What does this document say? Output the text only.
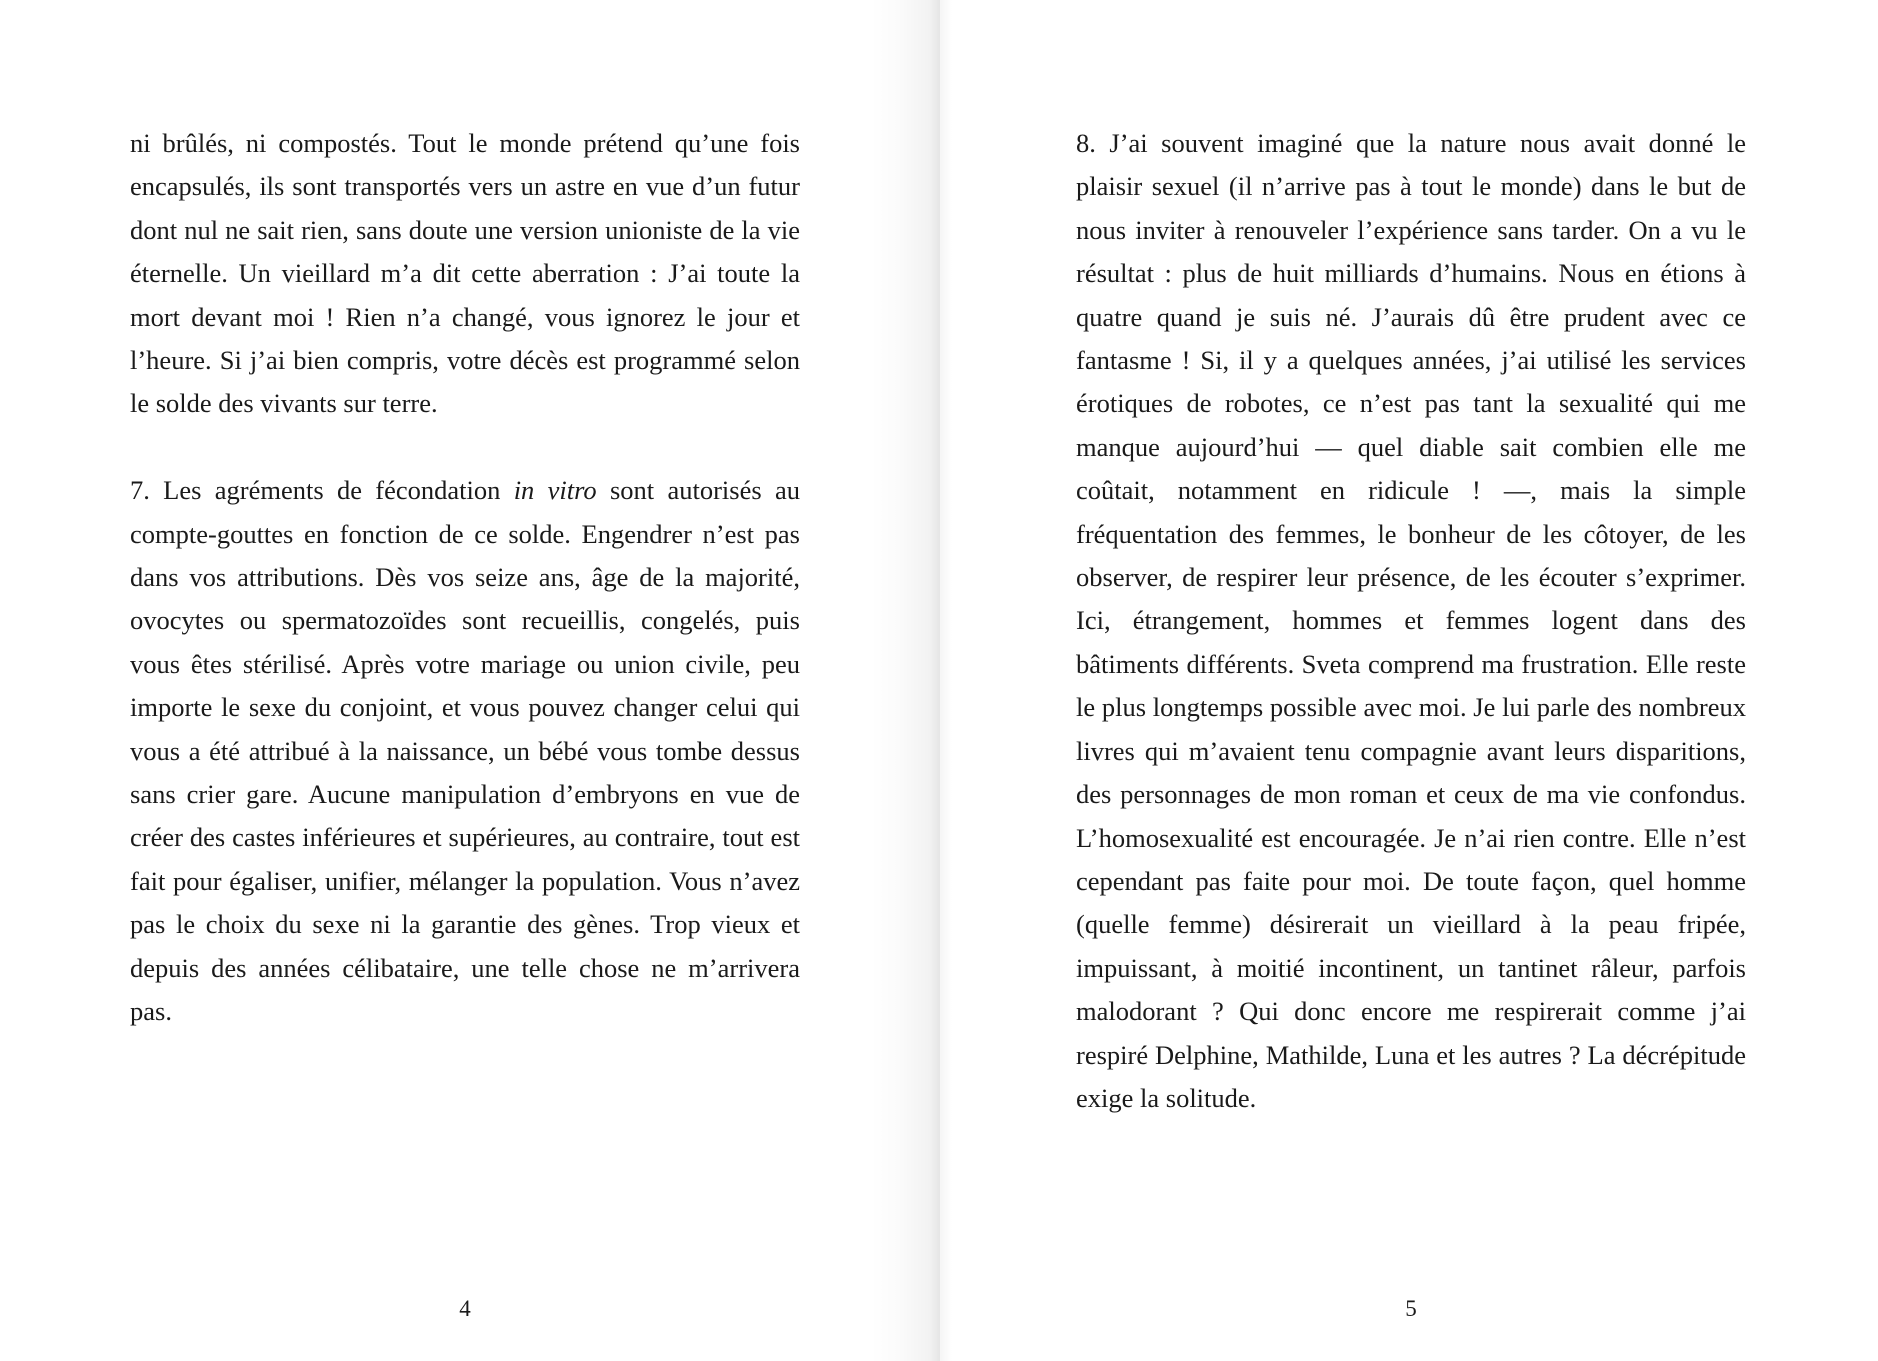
ni brûlés, ni compostés. Tout le monde prétend qu’une fois encapsulés, ils sont transportés vers un astre en vue d’un futur dont nul ne sait rien, sans doute une version unioniste de la vie éternelle. Un vieillard m’a dit cette aberration : J’ai toute la mort devant moi ! Rien n’a changé, vous ignorez le jour et l’heure. Si j’ai bien compris, votre décès est programmé selon le solde des vivants sur terre.

7. Les agréments de fécondation in vitro sont autorisés au compte-gouttes en fonction de ce solde. Engendrer n’est pas dans vos attributions. Dès vos seize ans, âge de la majorité, ovocytes ou spermatozoïdes sont recueillis, congelés, puis vous êtes stérilisé. Après votre mariage ou union civile, peu importe le sexe du conjoint, et vous pouvez changer celui qui vous a été attribué à la naissance, un bébé vous tombe dessus sans crier gare. Aucune manipulation d’embryons en vue de créer des castes inférieures et supérieures, au contraire, tout est fait pour égaliser, unifier, mélanger la population. Vous n’avez pas le choix du sexe ni la garantie des gènes. Trop vieux et depuis des années célibataire, une telle chose ne m’arrivera pas.

4

8. J’ai souvent imaginé que la nature nous avait donné le plaisir sexuel (il n’arrive pas à tout le monde) dans le but de nous inviter à renouveler l’expérience sans tarder. On a vu le résultat : plus de huit milliards d’humains. Nous en étions à quatre quand je suis né. J’aurais dû être prudent avec ce fantasme ! Si, il y a quelques années, j’ai utilisé les services érotiques de robotes, ce n’est pas tant la sexualité qui me manque aujourd’hui — quel diable sait combien elle me coûtait, notamment en ridicule ! —, mais la simple fréquentation des femmes, le bonheur de les côtoyer, de les observer, de respirer leur présence, de les écouter s’exprimer. Ici, étrangement, hommes et femmes logent dans des bâtiments différents. Sveta comprend ma frustration. Elle reste le plus longtemps possible avec moi. Je lui parle des nombreux livres qui m’avaient tenu compagnie avant leurs disparitions, des personnages de mon roman et ceux de ma vie confondus. L’homosexualité est encouragée. Je n’ai rien contre. Elle n’est cependant pas faite pour moi. De toute façon, quel homme (quelle femme) désirerait un vieillard à la peau fripée, impuissant, à moitié incontinent, un tantinet râleur, parfois malodorant ? Qui donc encore me respirerait comme j’ai respiré Delphine, Mathilde, Luna et les autres ? La décrépitude exige la solitude.

5
